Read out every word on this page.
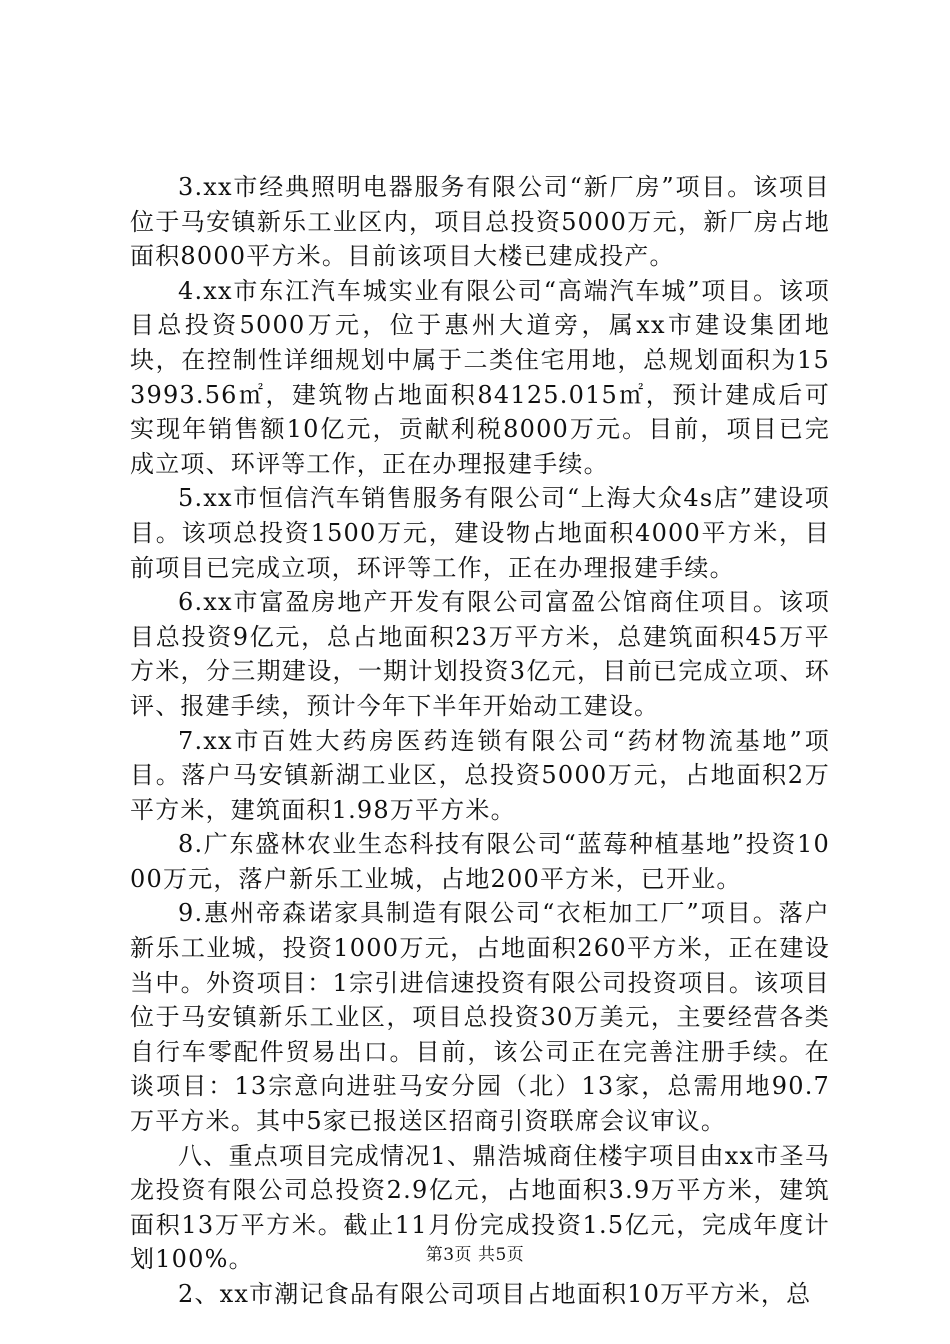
3.xx市经典照明电器服务有限公司“新厂房”项目。该项目位于马安镇新乐工业区内，项目总投资5000万元，新厂房占地面积8000平方米。目前该项目大楼已建成投产。

4.xx市东江汽车城实业有限公司“高端汽车城”项目。该项目总投资5000万元，位于惠州大道旁，属xx市建设集团地块，在控制性详细规划中属于二类住宅用地，总规划面积为153993.56㎡，建筑物占地面积84125.015㎡，预计建成后可实现年销售额10亿元，贡献利税8000万元。目前，项目已完成立项、环评等工作，正在办理报建手续。

5.xx市恒信汽车销售服务有限公司“上海大众4s店”建设项目。该项总投资1500万元，建设物占地面积4000平方米，目前项目已完成立项，环评等工作，正在办理报建手续。

6.xx市富盈房地产开发有限公司富盈公馆商住项目。该项目总投资9亿元，总占地面积23万平方米，总建筑面积45万平方米，分三期建设，一期计划投资3亿元，目前已完成立项、环评、报建手续，预计今年下半年开始动工建设。

7.xx市百姓大药房医药连锁有限公司“药材物流基地”项目。落户马安镇新湖工业区，总投资5000万元，占地面积2万平方米，建筑面积1.98万平方米。

8.广东盛林农业生态科技有限公司“蓝莓种植基地”投资1000万元，落户新乐工业城，占地200平方米，已开业。

9.惠州帝森诺家具制造有限公司“衣柜加工厂”项目。落户新乐工业城，投资1000万元，占地面积260平方米，正在建设当中。外资项目：1宗引进信速投资有限公司投资项目。该项目位于马安镇新乐工业区，项目总投资30万美元，主要经营各类自行车零配件贸易出口。目前，该公司正在完善注册手续。在谈项目：13宗意向进驻马安分园（北）13家，总需用地90.7万平方米。其中5家已报送区招商引资联席会议审议。

八、重点项目完成情况1、鼎浩城商住楼宇项目由xx市圣马龙投资有限公司总投资2.9亿元，占地面积3.9万平方米，建筑面积13万平方米。截止11月份完成投资1.5亿元，完成年度计划100%。

2、xx市潮记食品有限公司项目占地面积10万平方米，总

第3页 共5页
